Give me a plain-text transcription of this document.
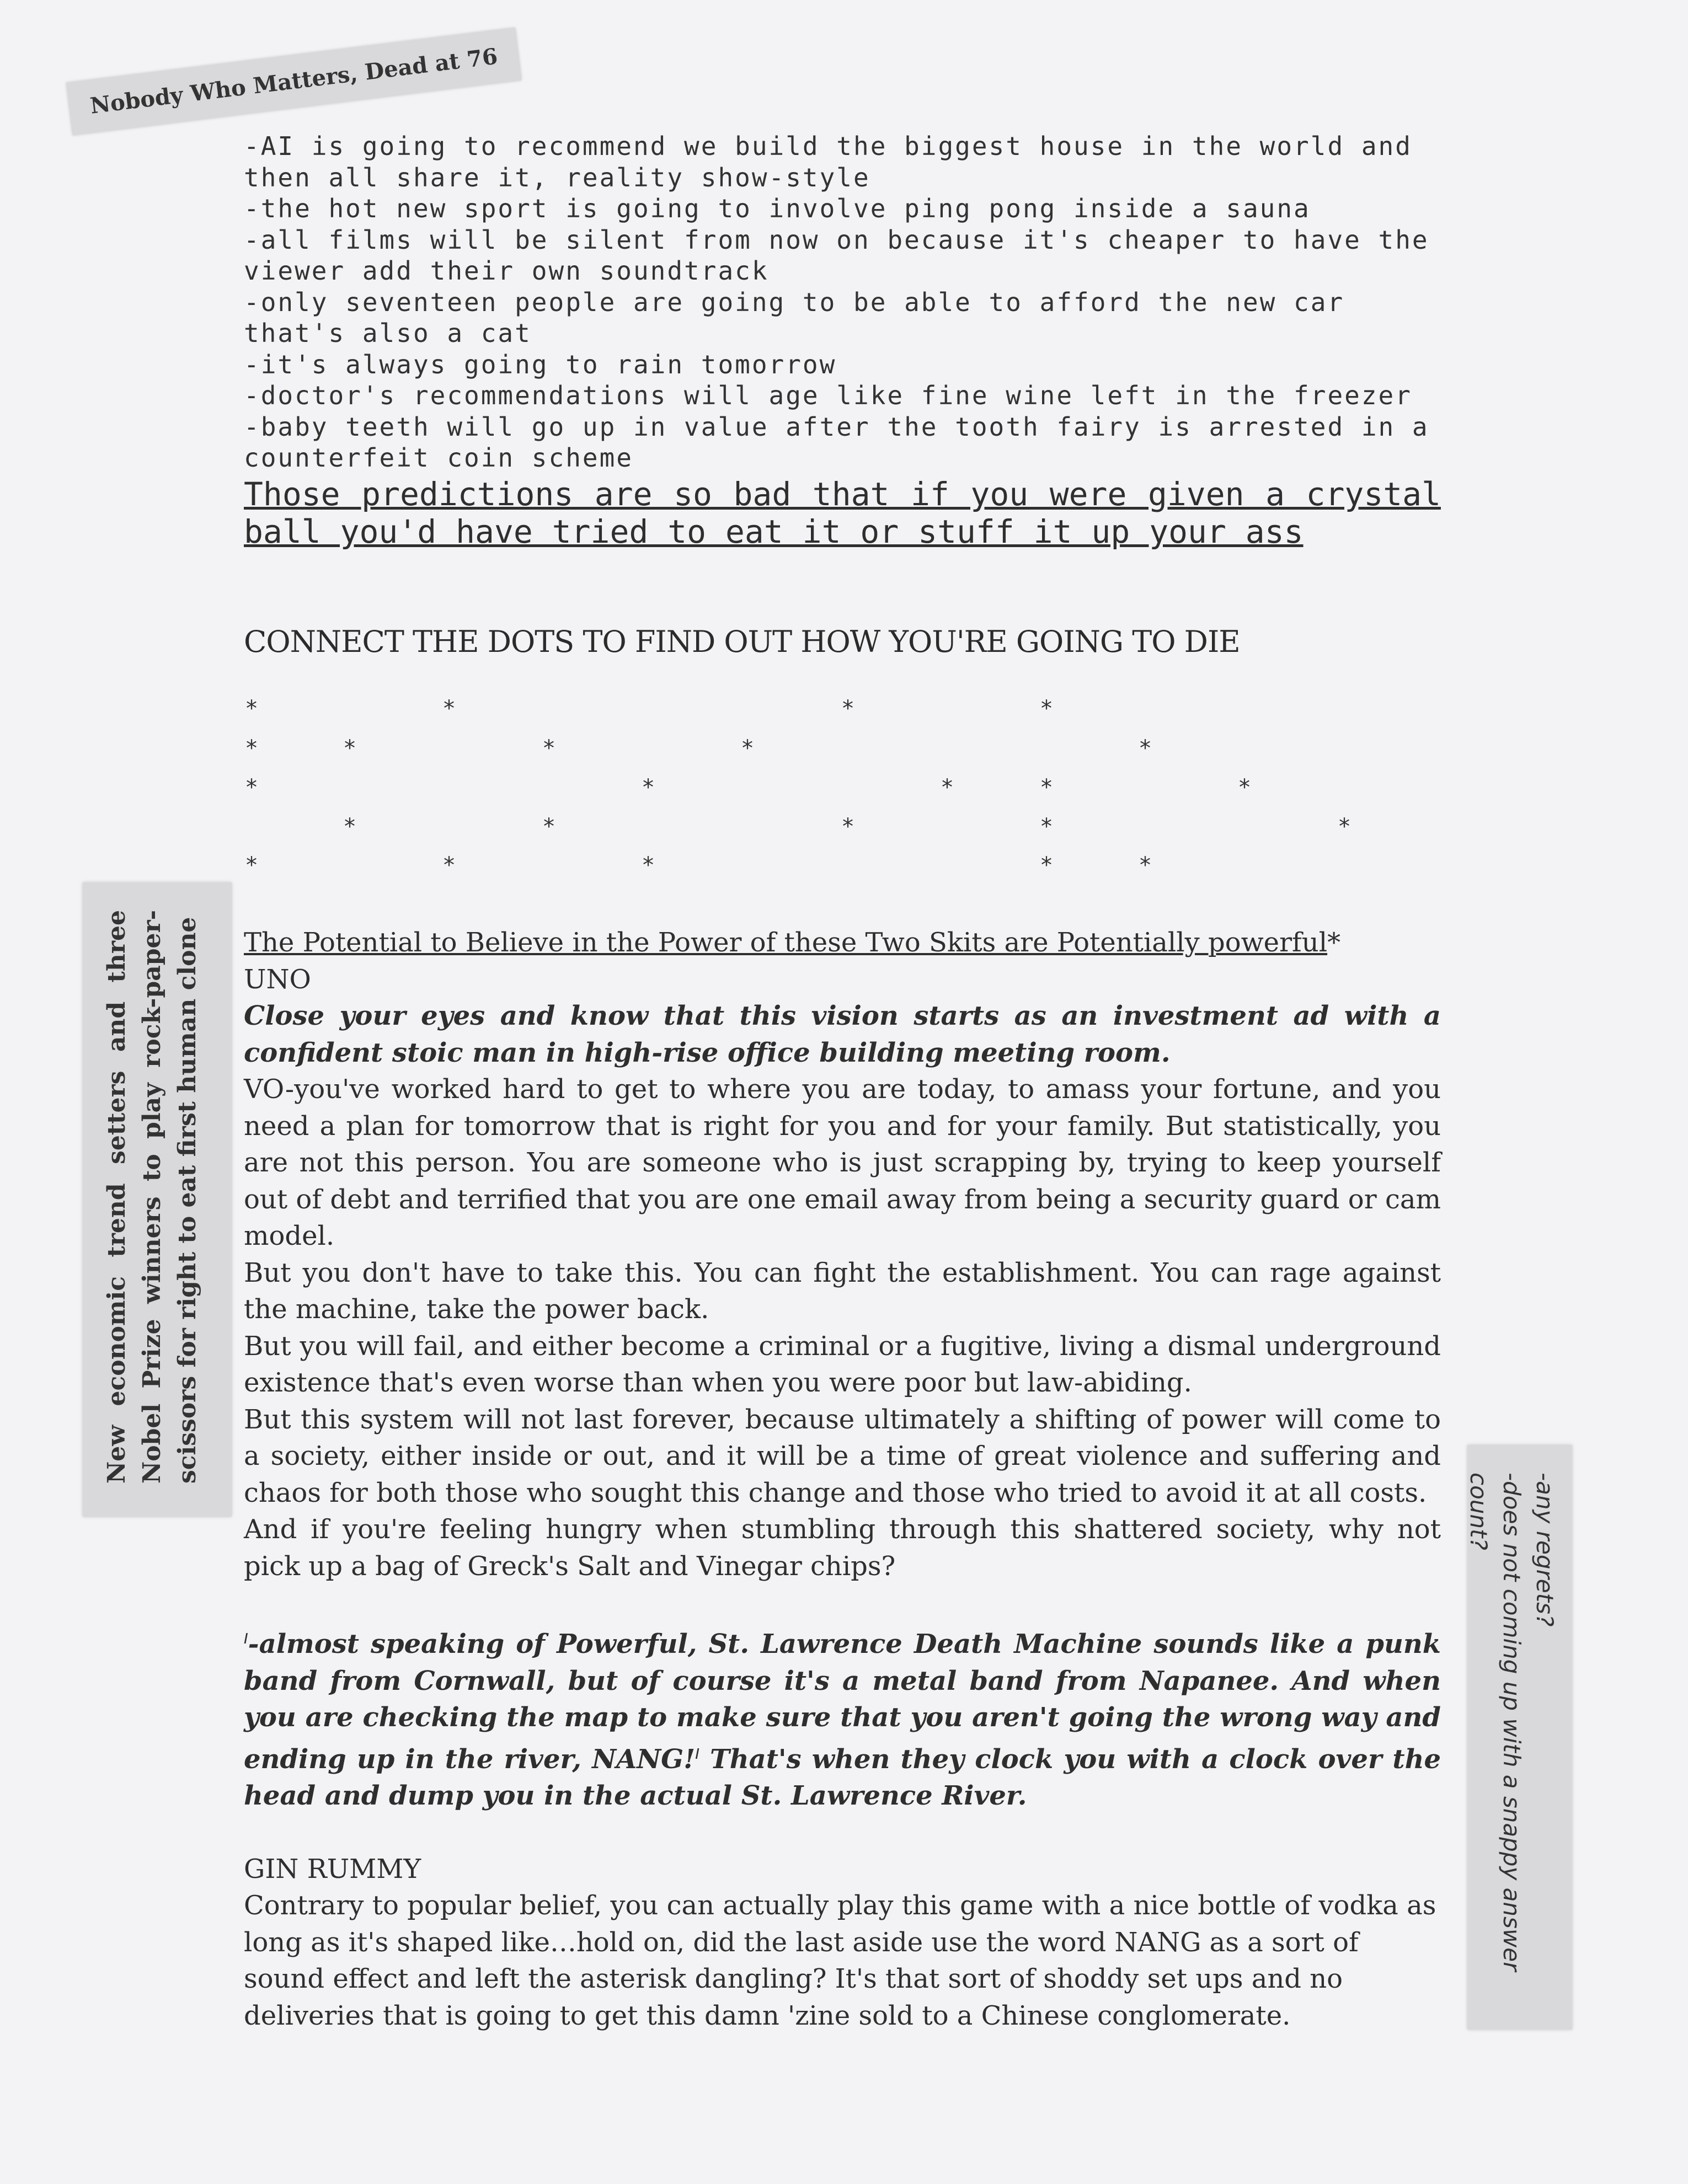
Nobody Who Matters, Dead at 76
New economic trend setters and three Nobel Prize winners to play rock-paper-scissors for right to eat first human clone
-any regrets?
-does not coming up with a snappy answer count?

-AI is going to recommend we build the biggest house in the world and then all share it, reality show-style

-the hot new sport is going to involve ping pong inside a sauna

-all films will be silent from now on because it's cheaper to have the viewer add their own soundtrack

-only seventeen people are going to be able to afford the new car that's also a cat

-it's always going to rain tomorrow

-doctor's recommendations will age like fine wine left in the freezer

-baby teeth will go up in value after the tooth fairy is arrested in a counterfeit coin scheme

Those predictions are so bad that if you were given a crystal ball you'd have tried to eat it or stuff it up your ass
CONNECT THE DOTS TO FIND OUT HOW YOU'RE GOING TO DIE
*	*	*	*
*	*	*	*	*
*	*	*	*	*
*	*	*	*	*
*	*	*	*	*

The Potential to Believe in the Power of these Two Skits are Potentially powerful*

UNO

Close your eyes and know that this vision starts as an investment ad with a confident stoic man in high-rise office building meeting room.

VO-you've worked hard to get to where you are today, to amass your fortune, and you need a plan for tomorrow that is right for you and for your family. But statistically, you are not this person. You are someone who is just scrapping by, trying to keep yourself out of debt and terrified that you are one email away from being a security guard or cam model.

But you don't have to take this. You can fight the establishment. You can rage against the machine, take the power back.

But you will fail, and either become a criminal or a fugitive, living a dismal underground existence that's even worse than when you were poor but law-abiding.

But this system will not last forever, because ultimately a shifting of power will come to a society, either inside or out, and it will be a time of great violence and suffering and chaos for both those who sought this change and those who tried to avoid it at all costs.

And if you're feeling hungry when stumbling through this shattered society, why not pick up a bag of Greck's Salt and Vinegar chips?

$^ǀ$-almost speaking of Powerful, St. Lawrence Death Machine sounds like a punk band from Cornwall, but of course it's a metal band from Napanee. And when you are checking the map to make sure that you aren't going the wrong way and ending up in the river, NANG!$^ǀ$ That's when they clock you with a clock over the head and dump you in the actual St. Lawrence River.

GIN RUMMY

Contrary to popular belief, you can actually play this game with a nice bottle of vodka as long as it's shaped like…hold on, did the last aside use the word NANG as a sort of sound effect and left the asterisk dangling? It's that sort of shoddy set ups and no deliveries that is going to get this damn 'zine sold to a Chinese conglomerate.
